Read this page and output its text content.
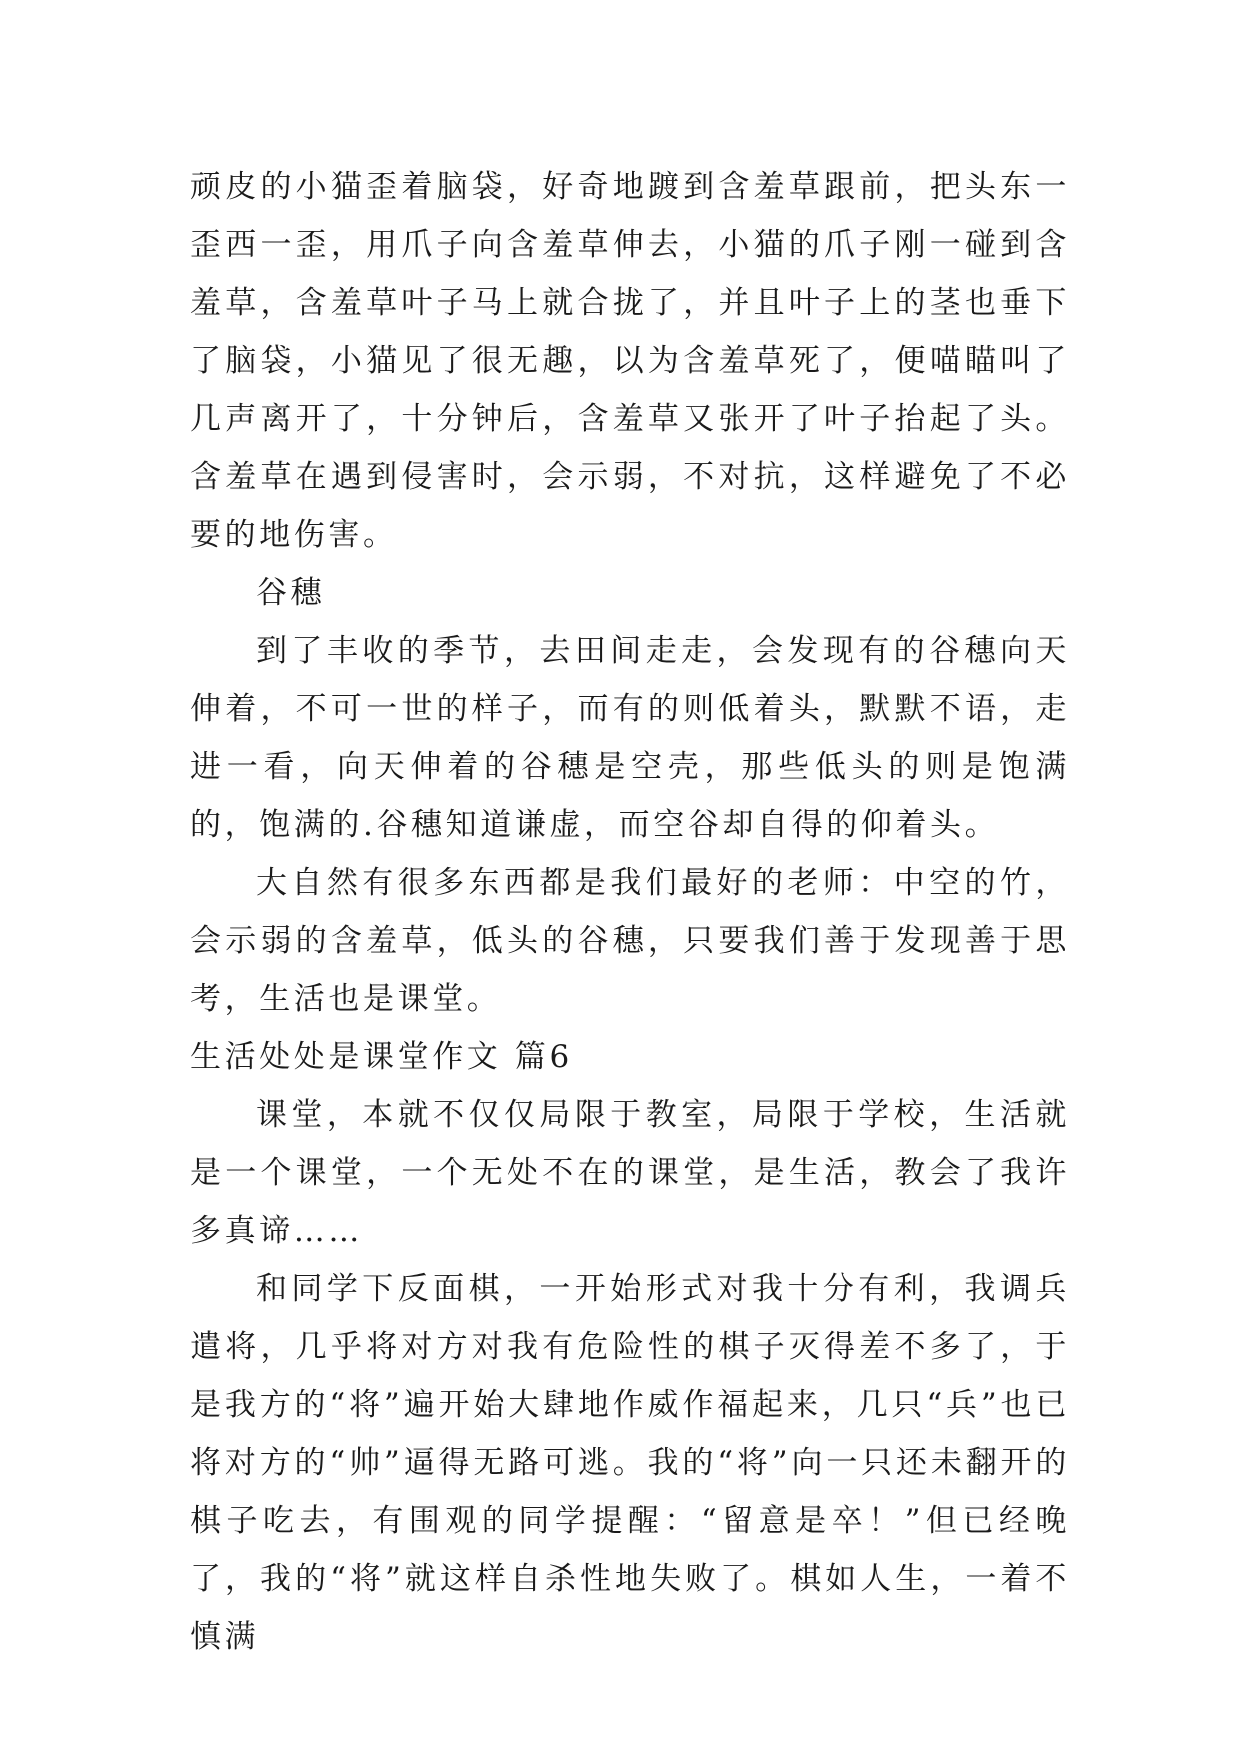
顽皮的小猫歪着脑袋，好奇地踱到含羞草跟前，把头东一歪西一歪，用爪子向含羞草伸去，小猫的爪子刚一碰到含羞草，含羞草叶子马上就合拢了，并且叶子上的茎也垂下了脑袋，小猫见了很无趣，以为含羞草死了，便喵瞄叫了几声离开了，十分钟后，含羞草又张开了叶子抬起了头。含羞草在遇到侵害时，会示弱，不对抗，这样避免了不必要的地伤害。

谷穗

到了丰收的季节，去田间走走，会发现有的谷穗向天伸着，不可一世的样子，而有的则低着头，默默不语，走进一看，向天伸着的谷穗是空壳，那些低头的则是饱满的，饱满的.谷穗知道谦虚，而空谷却自得的仰着头。

大自然有很多东西都是我们最好的老师：中空的竹，会示弱的含羞草，低头的谷穗，只要我们善于发现善于思考，生活也是课堂。

生活处处是课堂作文 篇6

课堂，本就不仅仅局限于教室，局限于学校，生活就是一个课堂，一个无处不在的课堂，是生活，教会了我许多真谛……

和同学下反面棋，一开始形式对我十分有利，我调兵遣将，几乎将对方对我有危险性的棋子灭得差不多了，于是我方的“将”遍开始大肆地作威作福起来，几只“兵”也已将对方的“帅”逼得无路可逃。我的“将”向一只还未翻开的棋子吃去，有围观的同学提醒：“留意是卒！”但已经晚了，我的“将”就这样自杀性地失败了。棋如人生，一着不慎满
